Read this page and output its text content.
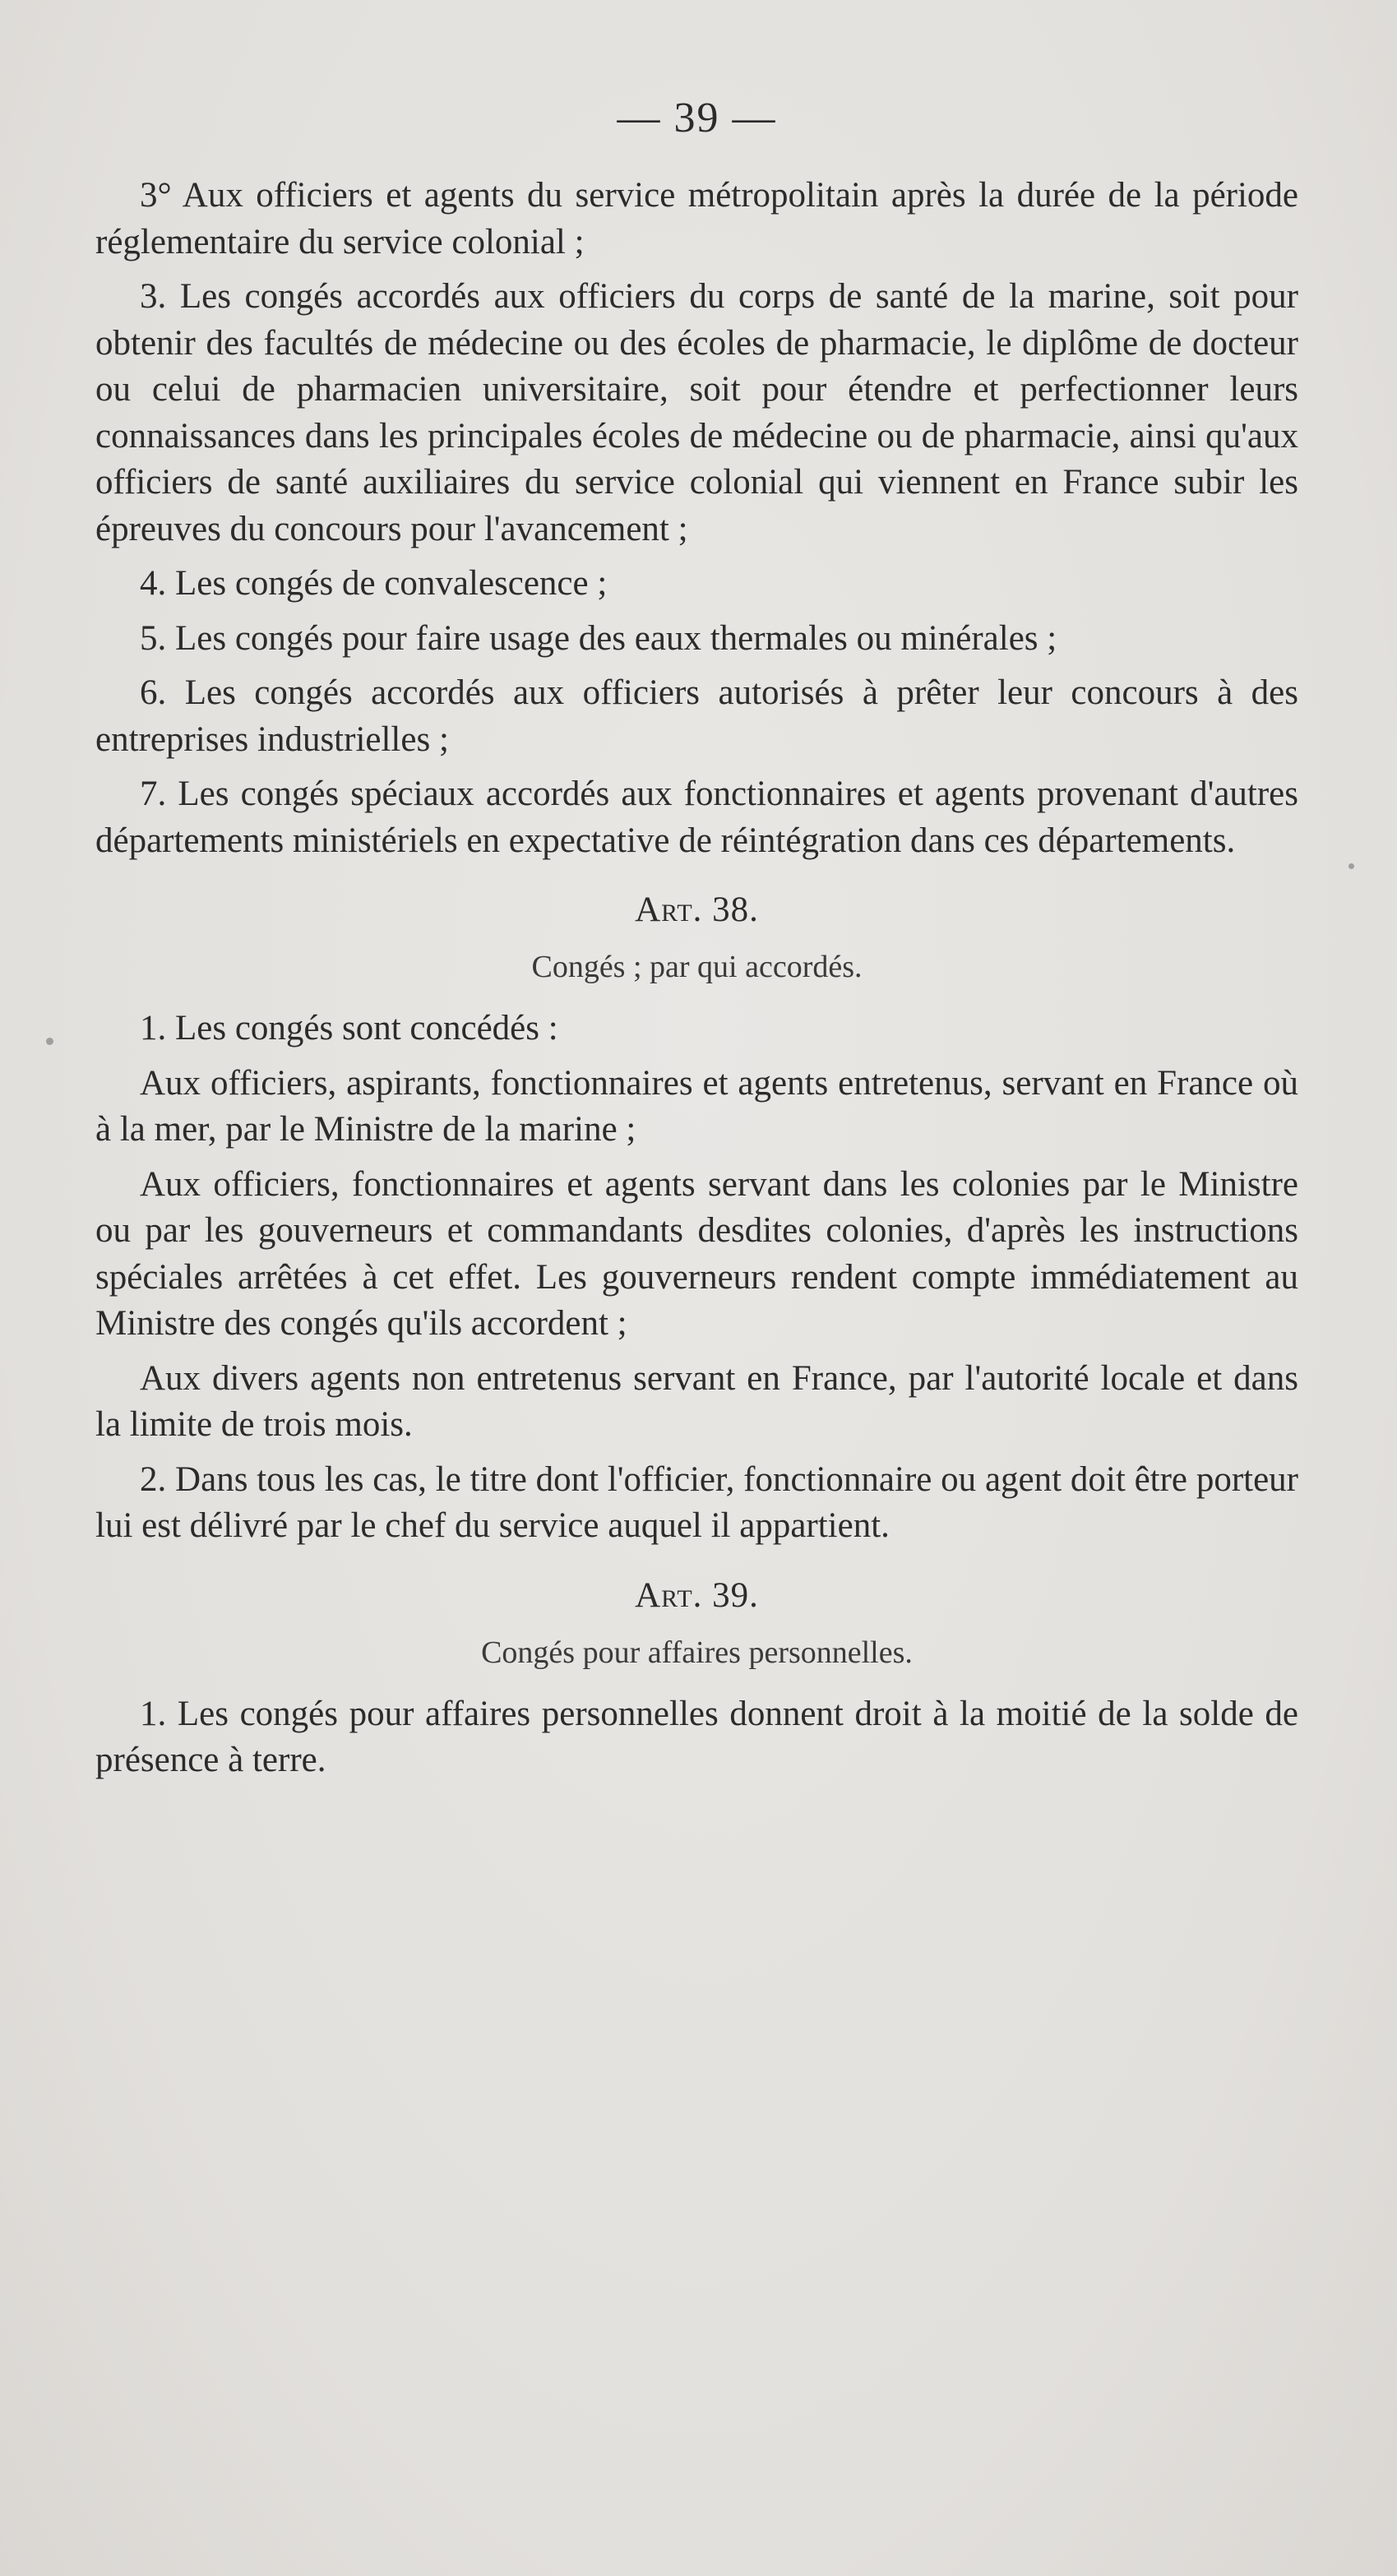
— 39 —

3° Aux officiers et agents du service métropolitain après la durée de la période réglementaire du service colonial ;

3. Les congés accordés aux officiers du corps de santé de la marine, soit pour obtenir des facultés de médecine ou des écoles de pharmacie, le diplôme de docteur ou celui de pharmacien universitaire, soit pour étendre et perfectionner leurs connaissances dans les principales écoles de médecine ou de pharmacie, ainsi qu'aux officiers de santé auxiliaires du service colonial qui viennent en France subir les épreuves du concours pour l'avancement ;

4. Les congés de convalescence ;

5. Les congés pour faire usage des eaux thermales ou minérales ;

6. Les congés accordés aux officiers autorisés à prêter leur concours à des entreprises industrielles ;

7. Les congés spéciaux accordés aux fonctionnaires et agents provenant d'autres départements ministériels en expectative de réintégration dans ces départements.

Art. 38.
Congés ; par qui accordés.

1. Les congés sont concédés :

Aux officiers, aspirants, fonctionnaires et agents entretenus, servant en France où à la mer, par le Ministre de la marine ;

Aux officiers, fonctionnaires et agents servant dans les colonies par le Ministre ou par les gouverneurs et commandants desdites colonies, d'après les instructions spéciales arrêtées à cet effet. Les gouverneurs rendent compte immédiatement au Ministre des congés qu'ils accordent ;

Aux divers agents non entretenus servant en France, par l'autorité locale et dans la limite de trois mois.

2. Dans tous les cas, le titre dont l'officier, fonctionnaire ou agent doit être porteur lui est délivré par le chef du service auquel il appartient.

Art. 39.
Congés pour affaires personnelles.

1. Les congés pour affaires personnelles donnent droit à la moitié de la solde de présence à terre.
